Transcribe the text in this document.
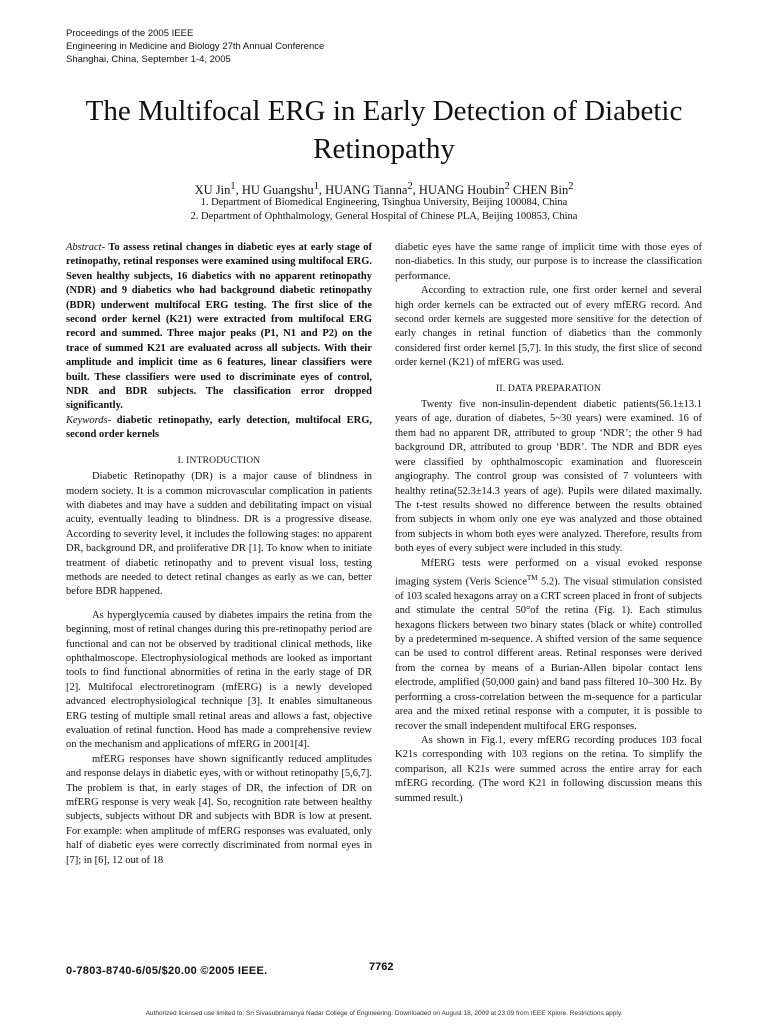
Proceedings of the 2005 IEEE
Engineering in Medicine and Biology 27th Annual Conference
Shanghai, China, September 1-4, 2005
The Multifocal ERG in Early Detection of Diabetic
Retinopathy
XU Jin$^1$, HU Guangshu$^1$, HUANG Tianna$^2$, HUANG Houbin$^2$ CHEN Bin$^2$
1. Department of Biomedical Engineering, Tsinghua University, Beijing 100084, China
2. Department of Ophthalmology, General Hospital of Chinese PLA, Beijing 100853, China

Abstract- To assess retinal changes in diabetic eyes at early stage of retinopathy, retinal responses were examined using multifocal ERG. Seven healthy subjects, 16 diabetics with no apparent retinopathy (NDR) and 9 diabetics who had background diabetic retinopathy (BDR) underwent multifocal ERG testing. The first slice of the second order kernel (K21) were extracted from multifocal ERG record and summed. Three major peaks (P1, N1 and P2) on the trace of summed K21 are evaluated across all subjects. With their amplitude and implicit time as 6 features, linear classifiers were built. These classifiers were used to discriminate eyes of control, NDR and BDR subjects. The classification error dropped significantly.

Keywords- diabetic retinopathy, early detection, multifocal ERG, second order kernels

I. INTRODUCTION

Diabetic Retinopathy (DR) is a major cause of blindness in modern society. It is a common microvascular complication in patients with diabetes and may have a sudden and debilitating impact on visual acuity, eventually leading to blindness. DR is a progressive disease. According to severity level, it includes the following stages: no apparent DR, background DR, and proliferative DR [1]. To know when to initiate treatment of diabetic retinopathy and to prevent visual loss, testing methods are needed to detect retinal changes as early as we can, better before BDR happened.

As hyperglycemia caused by diabetes impairs the retina from the beginning, most of retinal changes during this pre-retinopathy period are functional and can not be observed by traditional clinical methods, like ophthalmoscope. Electrophysiological methods are looked as important tools to find functional abnormities of retina in the early stage of DR [2]. Multifocal electroretinogram (mfERG) is a newly developed advanced electrophysiological technique [3]. It enables simultaneous ERG testing of multiple small retinal areas and allows a fast, objective evaluation of retinal function. Hood has made a comprehensive review on the mechanism and applications of mfERG in 2001[4].

mfERG responses have shown significantly reduced amplitudes and response delays in diabetic eyes, with or without retinopathy [5,6,7]. The problem is that, in early stages of DR, the infection of DR on mfERG response is very weak [4]. So, recognition rate between healthy subjects, subjects without DR and subjects with BDR is low at present. For example: when amplitude of mfERG responses was evaluated, only half of diabetic eyes were correctly discriminated from normal eyes in [7]; in [6], 12 out of 18

diabetic eyes have the same range of implicit time with those eyes of non-diabetics. In this study, our purpose is to increase the classification performance.

According to extraction rule, one first order kernel and several high order kernels can be extracted out of every mfERG record. And second order kernels are suggested more sensitive for the detection of early changes in retinal function of diabetics than the commonly considered first order kernel [5,7]. In this study, the first slice of second order kernel (K21) of mfERG was used.

II. DATA PREPARATION

Twenty five non-insulin-dependent diabetic patients(56.1±13.1 years of age, duration of diabetes, 5~30 years) were examined. 16 of them had no apparent DR, attributed to group ‘NDR’; the other 9 had background DR, attributed to group ‘BDR’. The NDR and BDR eyes were classified by ophthalmoscopic examination and fluorescein angiography. The control group was consisted of 7 volunteers with healthy retina(52.3±14.3 years of age). Pupils were dilated maximally. The t-test results showed no difference between the results obtained from subjects in whom only one eye was analyzed and those obtained from subjects in whom both eyes were analyzed. Therefore, results from both eyes of every subject were included in this study.

MfERG tests were performed on a visual evoked response imaging system (Veris Science™ 5.2). The visual stimulation consisted of 103 scaled hexagons array on a CRT screen placed in front of subjects and stimulate the central 50°of the retina (Fig. 1). Each stimulus hexagons flickers between two binary states (black or white) controlled by a predetermined m-sequence. A shifted version of the same sequence can be used to control different areas. Retinal responses were derived from the cornea by means of a Burian-Allen bipolar contact lens electrode, amplified (50,000 gain) and band pass filtered 10–300 Hz. By performing a cross-correlation between the m-sequence for a particular area and the mixed retinal response with a computer, it is possible to recover the small independent multifocal ERG responses.

As shown in Fig.1, every mfERG recording produces 103 focal K21s corresponding with 103 regions on the retina. To simplify the comparison, all K21s were summed across the entire array for each mfERG recording. (The word K21 in following discussion means this summed result.)

0-7803-8740-6/05/$20.00 ©2005 IEEE.	7762
Authorized licensed use limited to: Sri Sivasubramanya Nadar College of Engineering. Downloaded on August 18, 2009 at 23:09 from IEEE Xplore. Restrictions apply.
